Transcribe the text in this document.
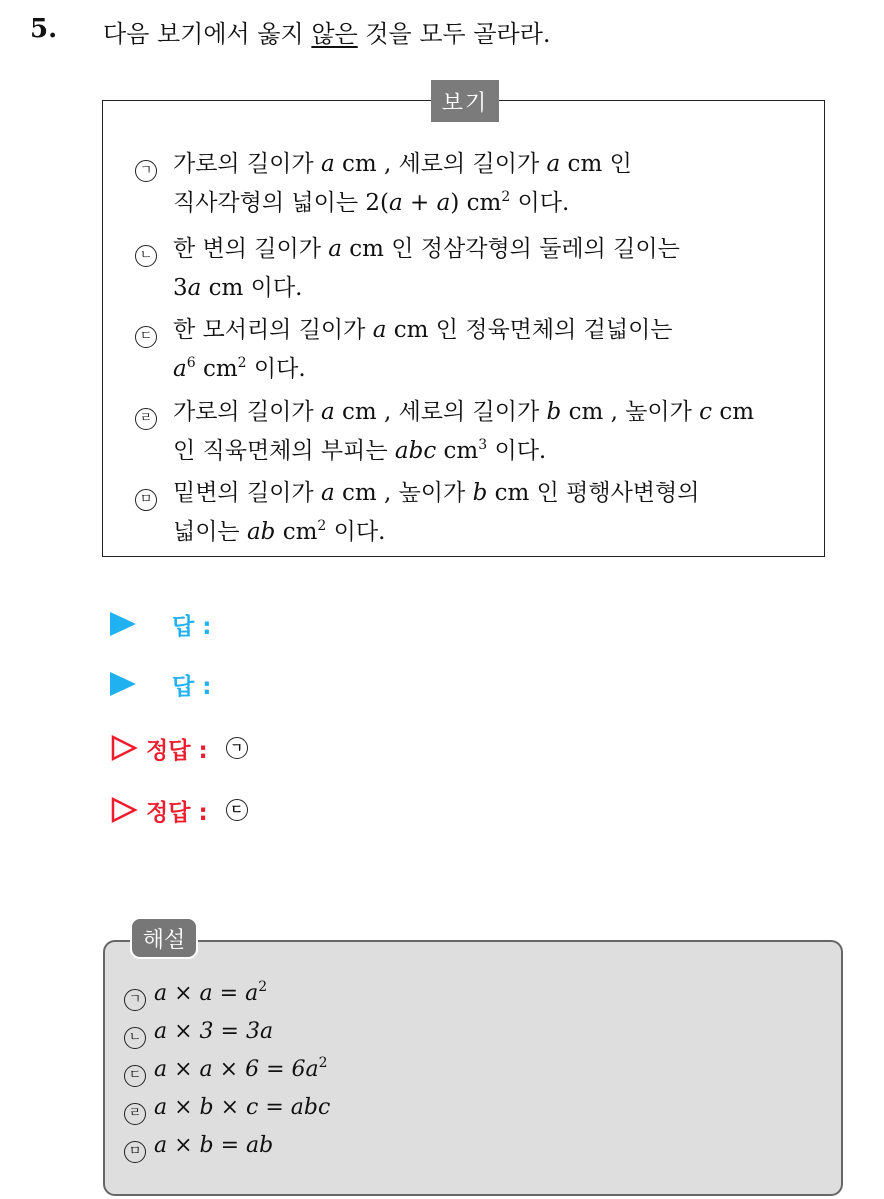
5. 다음 보기에서 옳지 않은 것을 모두 골라라.
보기
ㄱ 가로의 길이가 a cm , 세로의 길이가 a cm 인
직사각형의 넓이는 2(a + a) $cm^2$ 이다.
ㄴ 한 변의 길이가 a cm 인 정삼각형의 둘레의 길이는
3a cm 이다.
ㄷ 한 모서리의 길이가 a cm 인 정육면체의 겉넓이는
$a^6$ $cm^2$ 이다.
ㄹ 가로의 길이가 a cm , 세로의 길이가 b cm , 높이가 c cm
인 직육면체의 부피는 abc $cm^3$ 이다.
ㅁ 밑변의 길이가 a cm , 높이가 b cm 인 평행사변형의
넓이는 ab $cm^2$ 이다.
답 :
답 :
정답 :	ㄱ
정답 :	ㄷ
해설
ㄱ $a \times a = a^2$
ㄴ a × 3 = 3a
ㄷ $a \times a \times 6 = 6a^2$
ㄹ a × b × c = abc
ㅁ a × b = ab
